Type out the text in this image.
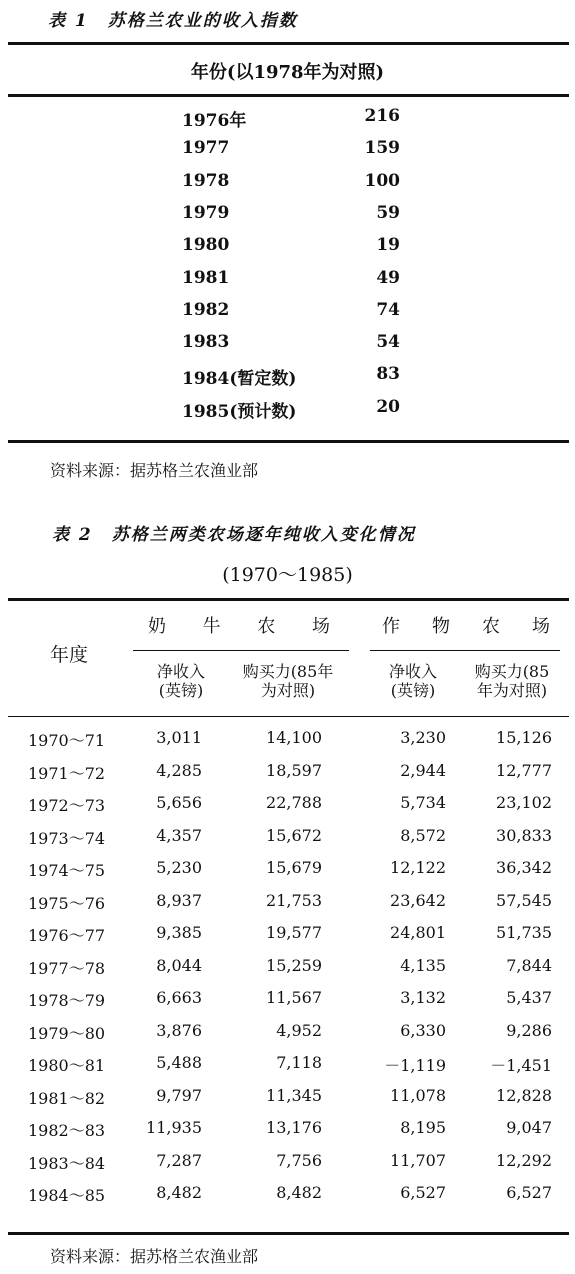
表 1　苏格兰农业的收入指数
年份(以1978年为对照)
1976年	216
1977	159
1978	100
1979	59
1980	19
1981	49
1982	74
1983	54
1984(暂定数)	83
1985(预计数)	20
资料来源：据苏格兰农渔业部
表 2　苏格兰两类农场逐年纯收入变化情况
(1970～1985)
年度
奶 牛 农 场	作 物 农 场
净收入
(英镑)
购买力(85年
为对照)
净收入
(英镑)
购买力(85
年为对照)
1970～71	3,011	14,100	3,230	15,126
1971～72	4,285	18,597	2,944	12,777
1972～73	5,656	22,788	5,734	23,102
1973～74	4,357	15,672	8,572	30,833
1974～75	5,230	15,679	12,122	36,342
1975～76	8,937	21,753	23,642	57,545
1976～77	9,385	19,577	24,801	51,735
1977～78	8,044	15,259	4,135	7,844
1978～79	6,663	11,567	3,132	5,437
1979～80	3,876	4,952	6,330	9,286
1980～81	5,488	7,118	－1,119	－1,451
1981～82	9,797	11,345	11,078	12,828
1982～83	11,935	13,176	8,195	9,047
1983～84	7,287	7,756	11,707	12,292
1984～85	8,482	8,482	6,527	6,527
资料来源：据苏格兰农渔业部
